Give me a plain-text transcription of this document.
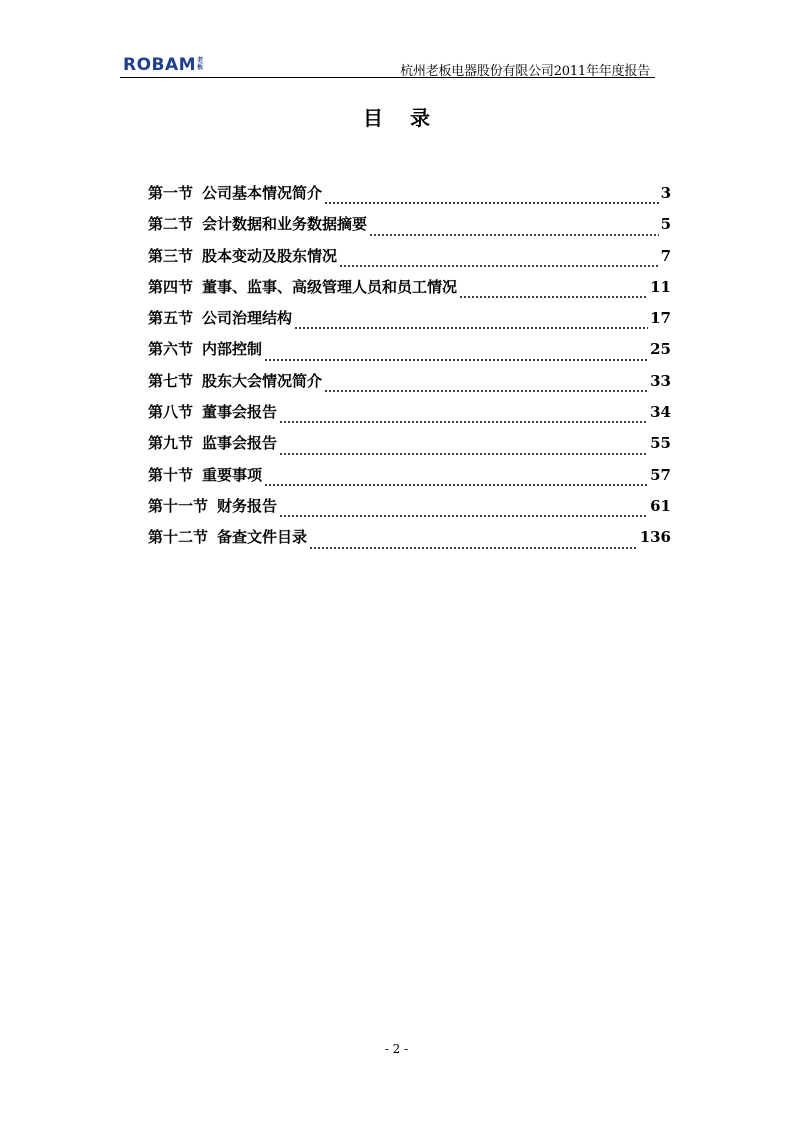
ROBAM 老板	杭州老板电器股份有限公司2011年年度报告
目 录
第一节 公司基本情况简介	3
第二节 会计数据和业务数据摘要	5
第三节 股本变动及股东情况	7
第四节 董事、监事、高级管理人员和员工情况	11
第五节 公司治理结构	17
第六节 内部控制	25
第七节 股东大会情况简介	33
第八节 董事会报告	34
第九节 监事会报告	55
第十节 重要事项	57
第十一节 财务报告	61
第十二节 备查文件目录	136
- 2 -
